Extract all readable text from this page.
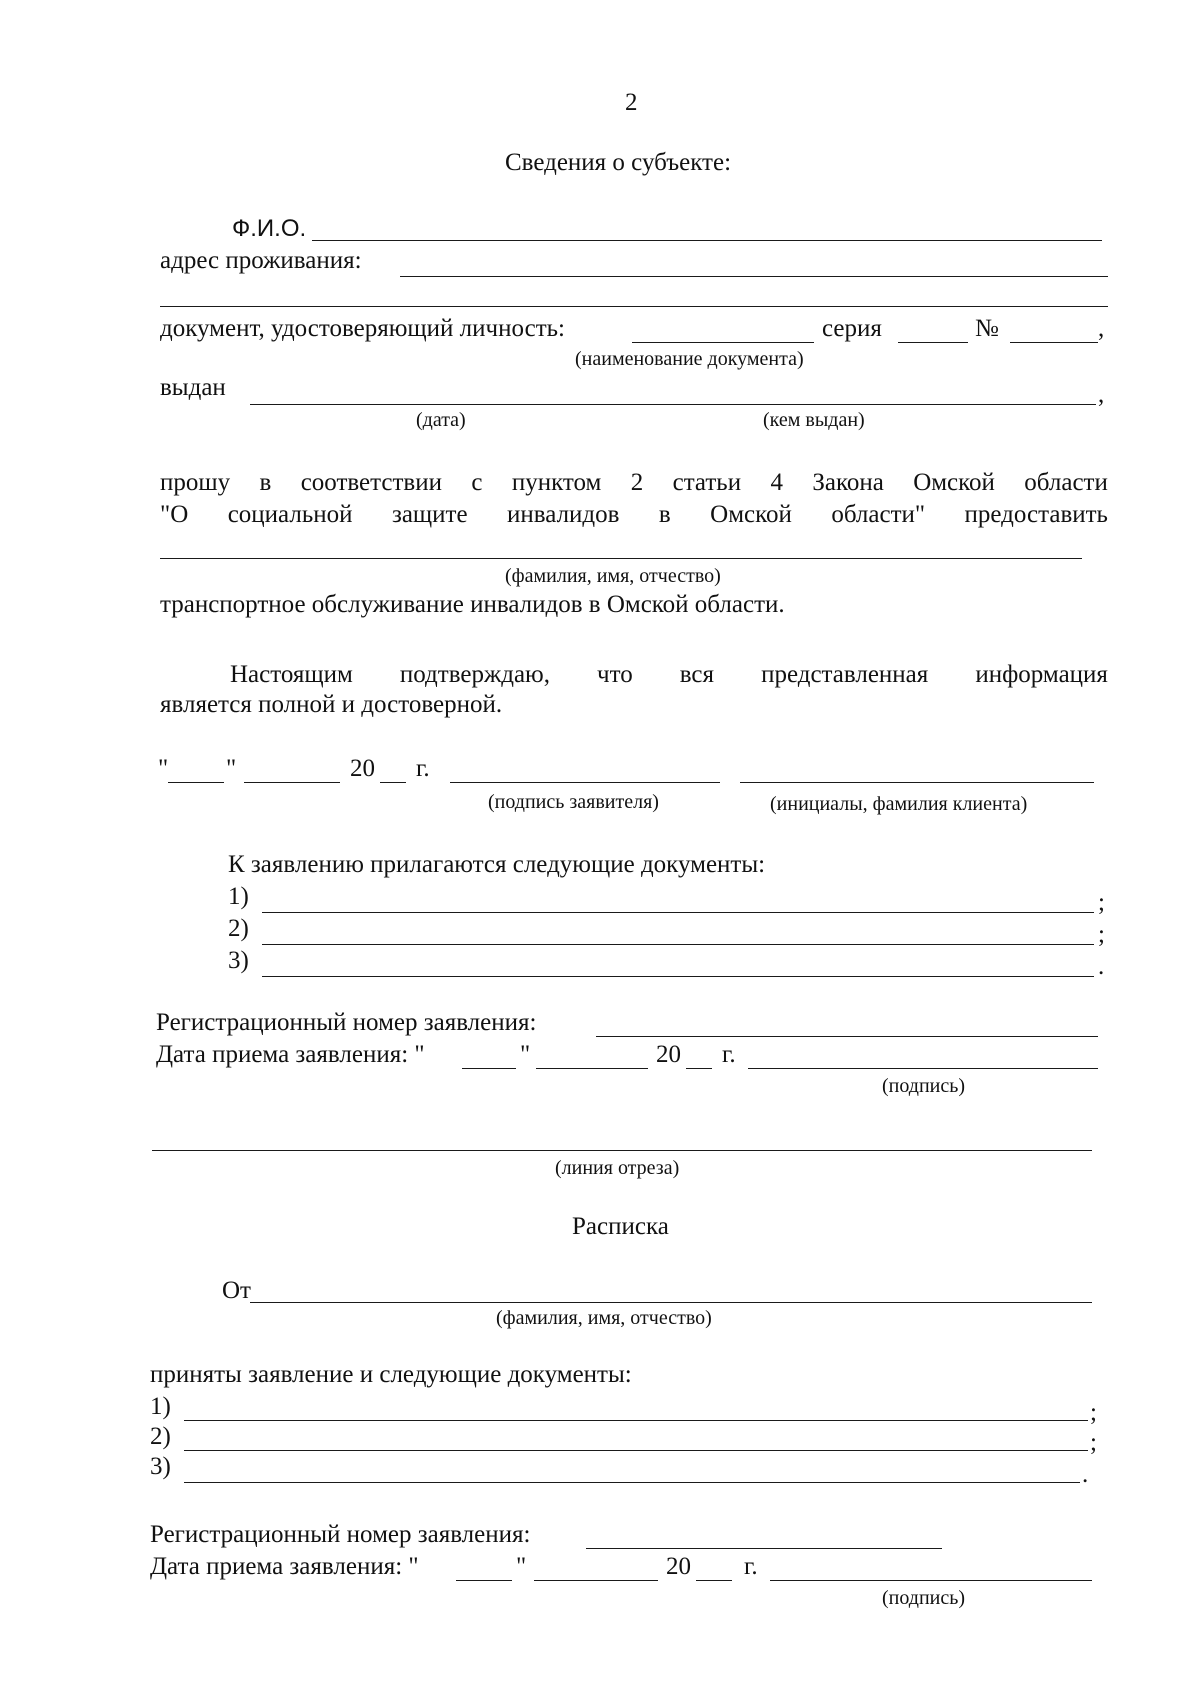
2
Сведения о субъекте:
Ф.И.О.
адрес проживания:
документ, удостоверяющий личность:	серия	№	,
(наименование документа)
выдан	,
(дата)	(кем выдан)
прошу в соответствии с пунктом 2 статьи 4 Закона Омской области
"О социальной защите инвалидов в Омской области" предоставить
(фамилия, имя, отчество)
транспортное обслуживание инвалидов в Омской области.
Настоящим подтверждаю, что вся представленная информация
является полной и достоверной.
" "	20 г.
(подпись заявителя)	(инициалы, фамилия клиента)
К заявлению прилагаются следующие документы:
1)	;
2)	;
3)	.
Регистрационный номер заявления:
Дата приема заявления: "	"	20 г.
(подпись)
(линия отреза)
Расписка
От
(фамилия, имя, отчество)
приняты заявление и следующие документы:
1)	;
2)	;
3)	.
Регистрационный номер заявления:
Дата приема заявления: "	"	20 г.
(подпись)
